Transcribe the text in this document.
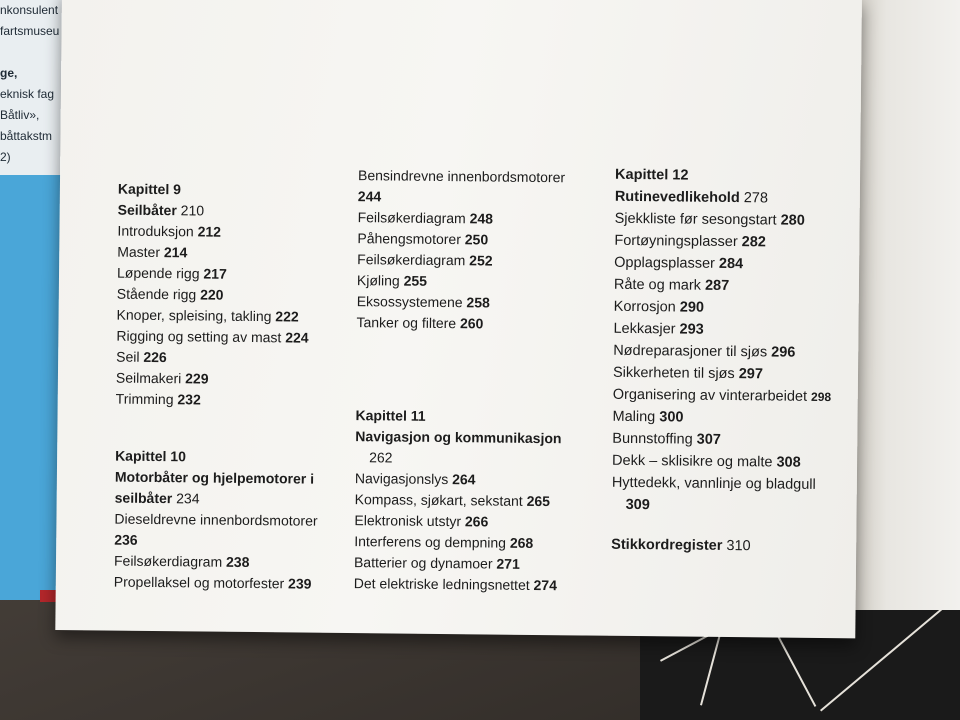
nkonsulent
fartsmuseu
ge,
eknisk fag
Båtliv»,
båttakstm
2)
Kapittel 9
Seilbåter 210
Introduksjon 212
Master 214
Løpende rigg 217
Stående rigg 220
Knoper, spleising, takling 222
Rigging og setting av mast 224
Seil 226
Seilmakeri 229
Trimming 232
Kapittel 10
Motorbåter og hjelpemotorer i seilbåter 234
Dieseldrevne innenbordsmotorer 236
Feilsøkerdiagram 238
Propellaksel og motorfester 239
Bensindrevne innenbordsmotorer 244
Feilsøkerdiagram 248
Påhengsmotorer 250
Feilsøkerdiagram 252
Kjøling 255
Eksossystemene 258
Tanker og filtere 260
Kapittel 11
Navigasjon og kommunikasjon 262
Navigasjonslys 264
Kompass, sjøkart, sekstant 265
Elektronisk utstyr 266
Interferens og dempning 268
Batterier og dynamoer 271
Det elektriske ledningsnettet 274
Kapittel 12
Rutinevedlikehold 278
Sjekkliste før sesongstart 280
Fortøyningsplasser 282
Opplagsplasser 284
Råte og mark 287
Korrosjon 290
Lekkasjer 293
Nødreparasjoner til sjøs 296
Sikkerheten til sjøs 297
Organisering av vinterarbeidet 298
Maling 300
Bunnstoffing 307
Dekk – sklisikre og malte 308
Hyttedekk, vannlinje og bladgull 309
Stikkordregister 310
